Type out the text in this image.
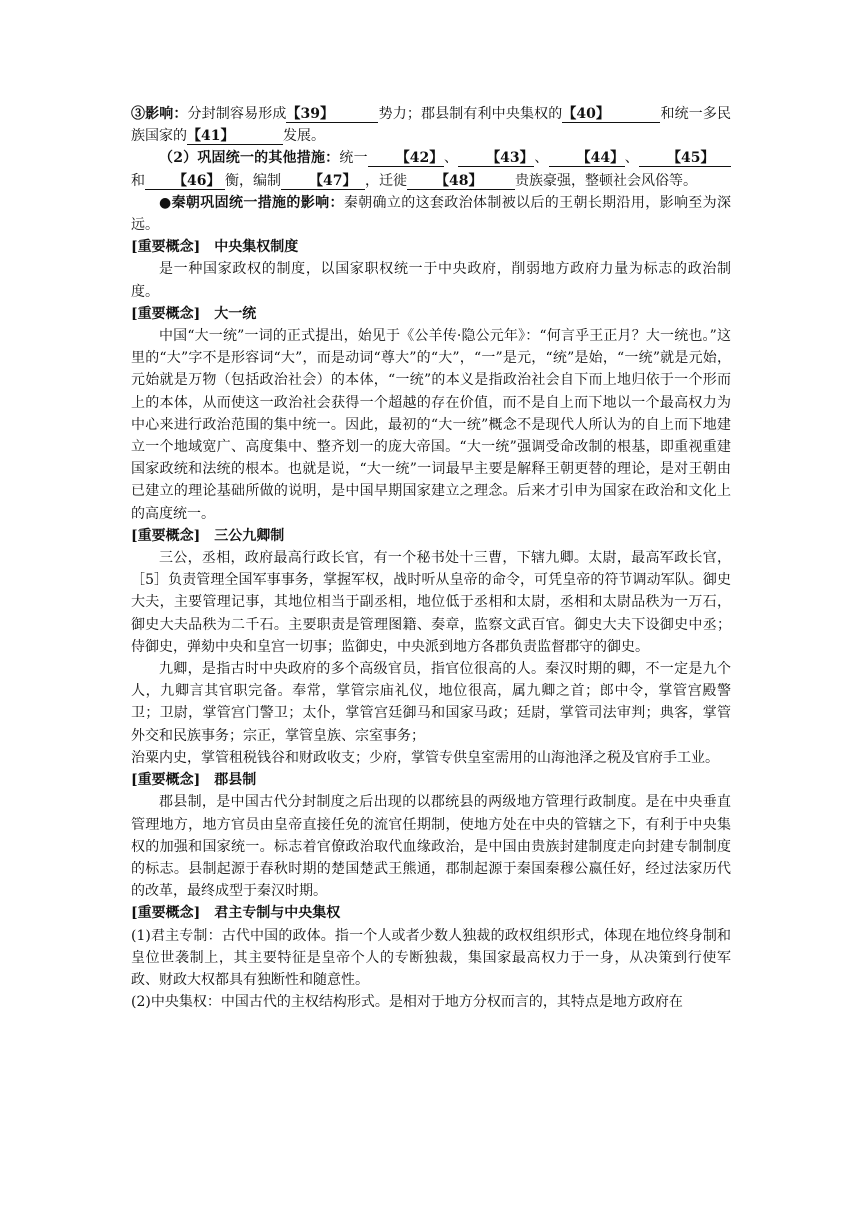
③影响：分封制容易形成【39】	势力；郡县制有利中央集权的【40】	和统一多民族国家的【41】	发展。

（2）巩固统一的其他措施：统一 【42】、 【43】、 【44】、 【45】和 【46】 衡，编制 【47】 ，迁徙 【48】 贵族豪强，整顿社会风俗等。

●秦朝巩固统一措施的影响：秦朝确立的这套政治体制被以后的王朝长期沿用，影响至为深远。

[重要概念] 中央集权制度

是一种国家政权的制度，以国家职权统一于中央政府，削弱地方政府力量为标志的政治制度。

[重要概念] 大一统

中国“大一统”一词的正式提出，始见于《公羊传·隐公元年》：“何言乎王正月？大一统也。”这里的“大”字不是形容词“大”，而是动词“尊大”的“大”，“一”是元，“统”是始，“一统”就是元始，元始就是万物（包括政治社会）的本体，“一统”的本义是指政治社会自下而上地归依于一个形而上的本体，从而使这一政治社会获得一个超越的存在价值，而不是自上而下地以一个最高权力为中心来进行政治范围的集中统一。因此，最初的“大一统”概念不是现代人所认为的自上而下地建立一个地域宽广、高度集中、整齐划一的庞大帝国。“大一统”强调受命改制的根基，即重视重建国家政统和法统的根本。也就是说，“大一统”一词最早主要是解释王朝更替的理论，是对王朝由已建立的理论基础所做的说明，是中国早期国家建立之理念。后来才引申为国家在政治和文化上的高度统一。

[重要概念] 三公九卿制

三公，丞相，政府最高行政长官，有一个秘书处十三曹，下辖九卿。太尉，最高军政长官，［5］负责管理全国军事事务，掌握军权，战时听从皇帝的命令，可凭皇帝的符节调动军队。御史大夫，主要管理记事，其地位相当于副丞相，地位低于丞相和太尉，丞相和太尉品秩为一万石，御史大夫品秩为二千石。主要职责是管理图籍、奏章，监察文武百官。御史大夫下设御史中丞；侍御史，弹劾中央和皇宫一切事；监御史，中央派到地方各郡负责监督郡守的御史。

九卿，是指古时中央政府的多个高级官员，指官位很高的人。秦汉时期的卿，不一定是九个人，九卿言其官职完备。奉常，掌管宗庙礼仪，地位很高，属九卿之首；郎中令，掌管宫殿警卫；卫尉，掌管宫门警卫；太仆，掌管宫廷御马和国家马政；廷尉，掌管司法审判；典客，掌管外交和民族事务；宗正，掌管皇族、宗室事务；

治粟内史，掌管租税钱谷和财政收支；少府，掌管专供皇室需用的山海池泽之税及官府手工业。

[重要概念] 郡县制

郡县制，是中国古代分封制度之后出现的以郡统县的两级地方管理行政制度。是在中央垂直管理地方，地方官员由皇帝直接任免的流官任期制，使地方处在中央的管辖之下，有利于中央集权的加强和国家统一。标志着官僚政治取代血缘政治，是中国由贵族封建制度走向封建专制制度的标志。县制起源于春秋时期的楚国楚武王熊通，郡制起源于秦国秦穆公嬴任好，经过法家历代的改革，最终成型于秦汉时期。

[重要概念] 君主专制与中央集权

(1)君主专制：古代中国的政体。指一个人或者少数人独裁的政权组织形式，体现在地位终身制和皇位世袭制上，其主要特征是皇帝个人的专断独裁，集国家最高权力于一身，从决策到行使军政、财政大权都具有独断性和随意性。

(2)中央集权：中国古代的主权结构形式。是相对于地方分权而言的，其特点是地方政府在
